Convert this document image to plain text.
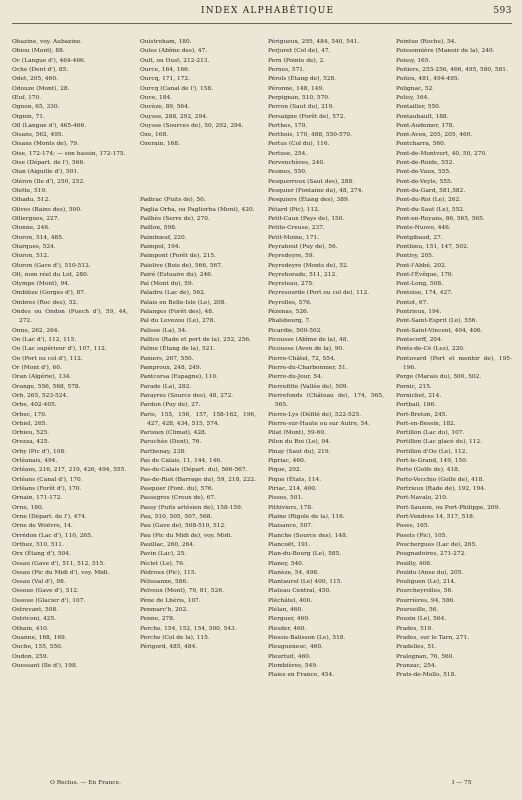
INDEX ALPHABÉTIQUE	593
Obazine, voy. Aubazine.
Obiou (Mont), 88.
Oc (Langue d'), 464-466.
Oche (Dent d'), 85.
Odet, 205, 460.
Odouze (Mont), 28.
Œuf, 170.
Ognon, 65, 330.
Oignin, 71.
Oïl (Langue d'), 465-466.
Oisans, 562, 495.
Oisans (Monts de), 79.
Oise, 172-174; — son bassin, 172-175.
Oise (Départ. de l'), 566.
Olan (Aiguille d'), 501.
Oléron (Ile d'), 250, 252.
Olette, 519.
Olhadu, 512.
Olives (Bains des), 500.
Olliergues, 227.
Olonne, 246.
Oloron, 514, 485.
Olarques, 524.
Oloron, 512.
Oloron (Gave d'), 510-512.
Olt, nom réel du Lot, 280.
Olympe (Mont), 94.
Omblèze (Gorges d'), 87.
Ombres (Roc des), 52.
Ondes ou Ondon (Puech d'), 59, 44, 272.
Onne, 262, 264.
Oo (Lac d'), 112, 115.
Oo (Lac supérieur d'), 107, 112.
Oo (Port ou col d'), 112.
Or (Mont d'), 60.
Oran (Algérie), 134.
Orange, 556, 568, 578.
Orb, 265, 523-524.
Orbe, 402-405.
Orbec, 170.
Orbiel, 265.
Orbieu, 525.
Orezza, 425.
Orby (Pic d'), 108.
Orléanais, 494.
Orléans, 216, 217, 219, 426, 494, 555.
Orléans (Canal d'), 170.
Orléans (Forêt d'), 170.
Ornain, 171-172.
Orne, 180.
Orne (Départ. de l'), 474.
Orne de Woëvre, 14.
Orrédon (Lac d'), 110, 265.
Orthez, 510, 511.
Orx (Étang d'), 504.
Ossau (Gave d'), 511, 512, 515.
Ossau (Pic du Midi d'), voy. Midi.
Ossau (Val d'), 98.
Ossoue (Gave d'), 512.
Ossoue (Glacier d'), 107.
Ostrevant, 508.
Ostriconi, 425.
Othain, 410.
Ouanne, 168, 169.
Ouche, 155, 550.
Oudon, 259.
Ouessant (Ile d'), 198.
Ouistreham, 180.
Oules (Abîme des), 47.
Oult, ou Oust, 212-213.
Ource, 164, 166.
Ourcq, 171, 172.
Ourcq (Canal de l'), 158.
Ouve, 184.
Ouvèze, 89, 564.
Ouysse, 288, 292, 294.
Ouysse (Sources de), 50, 292, 294.
Oze, 168.
Ozerain, 168.

Padirac (Puits de), 50.
Paglia Orba, ou Pagliorba (Mont), 420.
Pailhès (Serre de), 270.
Paillon, 598.
Paimbœuf, 220.
Paimpol, 194.
Paimpont (Forêt de), 215.
Paiolive (Bois de), 566, 567.
Pairé (Estuaire du), 246.
Pal (Mont du), 59.
Paladru (Lac de), 562.
Palais en Belle-Isle (Le), 208.
Palanges (Forêt des), 48.
Pal du Levezou (Le), 278.
Palisse (La), 54.
Pallice (Rade et port de la), 252, 256.
Palme (Étang de la), 521.
Paniers, 267, 550.
Pamproux, 248, 249.
Pantcorsa (Espagne), 110.
Parade (La), 282.
Parayres (Source des), 48, 272.
Pardon (Puy de), 27.
Paris, 155, 156, 157, 158-162, 196, 427, 428, 434, 515, 574.
Parisien (Climat), 428.
Paruchée (Dent), 76.
Parthenay, 238.
Pas de Calais, 11, 144, 146.
Pas-de-Calais (Départ. du), 566-567.
Pas-de-Riot (Barrage du), 59, 218, 222.
Pasquier (Font. du), 576.
Passegros (Creux de), 67.
Passy (Puits artésien de), 158-159.
Pau, 510, 505, 507, 568.
Pau (Gave de), 508-510, 512.
Pau (Pic du Midi de), voy. Midi.
Pauillac, 260, 264.
Pavin (Lac), 25.
Péclet (Le), 76.
Pédroux (Pic), 115.
Pélissanne, 586.
Pelvoux (Mont), 79, 81, 526.
Pène de Lhéris, 107.
Penmarc'h, 202.
Penne, 278.
Perche, 154, 152, 154, 500, 543.
Perche (Col de la), 115.
Périgord, 485, 484.
Périgueux, 295, 484, 540, 541.
Perjuret (Col de), 47.
Pern (Pointe de), 2.
Pernes, 571.
Pérols (Étang de), 528.
Péronne, 148, 149.
Perpignan, 510, 570.
Perron (Saut du), 219.
Persaigne (Forêt de), 572.
Perthes, 170.
Perthois, 170, 488, 550-570.
Pertus (Col du), 116.
Pertuse, 254.
Pervenchères, 240.
Pesmes, 550.
Pesquerroux (Saut des), 288.
Pesquier (Fontaine du), 48, 274.
Pesquiers (Étang des), 389.
Pétard (Pic), 112.
Petit-Caux (Pays de), 150.
Petite-Creuse, 237.
Petit-Moine, 171.
Peyrabout (Puy de), 56.
Peyredeyre, 59.
Peyredeyre (Monts de), 52.
Peyrehorade, 511, 212.
Peyreleau, 275.
Peyresourde (Port ou col de), 112.
Peyrolles, 576.
Pézenas, 526.
Phalsbourg, 7.
Picardie, 500-502.
Picousse (Abîme de la), 48.
Picousse (Aven de la), 90.
Pierre-Châtel, 72, 554.
Pierre-du-Charbonnier, 51.
Pierre-du-Jour, 54.
Pierrefitte (Vallée de), 509.
Pierrefonds (Château de), 174, 565, 565.
Pierre-Lys (Défilé de), 522-525.
Pierre-sur-Haute ou sur Autre, 54.
Pilat (Mont), 59-60.
Pilon du Roi (Le), 94.
Pinay (Saut du), 219.
Pipriac, 460.
Pique, 202.
Pique (États, 114.
Piriac, 214, 400.
Pissos, 501.
Pithiviers, 178.
Plaine (Rigole de la), 116.
Plaisance, 507.
Planche (Source des), 148.
Plancoët, 191.
Plan-du-Bourg (Le), 585.
Planey, 540.
Planèze, 54, 498.
Plantaurel (Le) 400, 115.
Plateau Central, 450.
Pléchâtel, 400.
Plélan, 460.
Plerguer, 460.
Plesder, 460.
Plessis-Balisson (Le), 518.
Pleugueneuc, 460.
Pleurtuit, 460.
Plombières, 549.
Plaies en France, 454.
Pointue (Roche), 54.
Poissonnière (Manoir de la), 240.
Poissy, 165.
Poitiers, 255-256, 466, 495, 580, 581.
Poitou, 481, 494-495.
Polignac, 52.
Polisy, 164.
Pontailler, 550.
Pontaubault, 188.
Pont-Audemer, 178.
Pont-Aven, 205, 205, 460.
Pontcharra, 560.
Pont-de-Montvert, 40, 50, 270.
Pont-de-Roide, 552.
Pont-de-Vaux, 555.
Pont-de-Veyle, 555.
Pont-du-Gard, 581,582.
Pont-du-Roi (Le), 262.
Pont-du-Saut (Le), 552.
Pont-en-Royans, 86, 565, 565.
Ponte-Nuovo, 446.
Pontgibaud, 27.
Ponthieu, 151, 147, 502.
Pontivy, 205.
Pont-l'Abbé, 202.
Pont-l'Évêque, 170.
Pont-Long, 508.
Pontoise, 174, 427.
Pontot, 67.
Pontrieux, 194.
Pont-Saint-Esprit (Le), 556.
Pont-Saint-Vincent, 404, 406.
Pontscorff, 204.
Ponts-de-Cé (Les), 220.
Pontuvard (Port et menhir de), 195-196.
Porge (Marais du), 500, 502.
Pornic, 215.
Pornichet, 214.
Portbail, 186.
Port-Breton, 245.
Port-en-Bessin, 182.
Portillon (Lac du), 107.
Portillon (Lac glacé du), 112.
Portillon d'Oo (Le), 112.
Port-le-Grand, 149, 150.
Porto (Golfe de), 418.
Porto-Vecchio (Golfe de), 418.
Portrieux (Rade de), 192, 194.
Port-Navalo, 210.
Port-Sauzon, ou Port-Philippe, 209.
Port-Vendres 14, 517, 518.
Poses, 165.
Posets (Pic), 105.
Pouchergues (Lac de), 265.
Pougnadoires, 271-272.
Pouilly, 408.
Pouldu (Anse du), 205.
Pouliguen (Le), 214.
Pourcheyrolles, 56.
Pourrières, 94, 586.
Pourseille, 56.
Pouzin (Le), 564.
Prades, 519.
Prades, sur le Tarn, 271.
Pradelles, 51.
Pralognan, 76, 560.
Pranzac, 254.
Prats-de-Mollo, 518.
O Reclus. — En France.	I — 75
